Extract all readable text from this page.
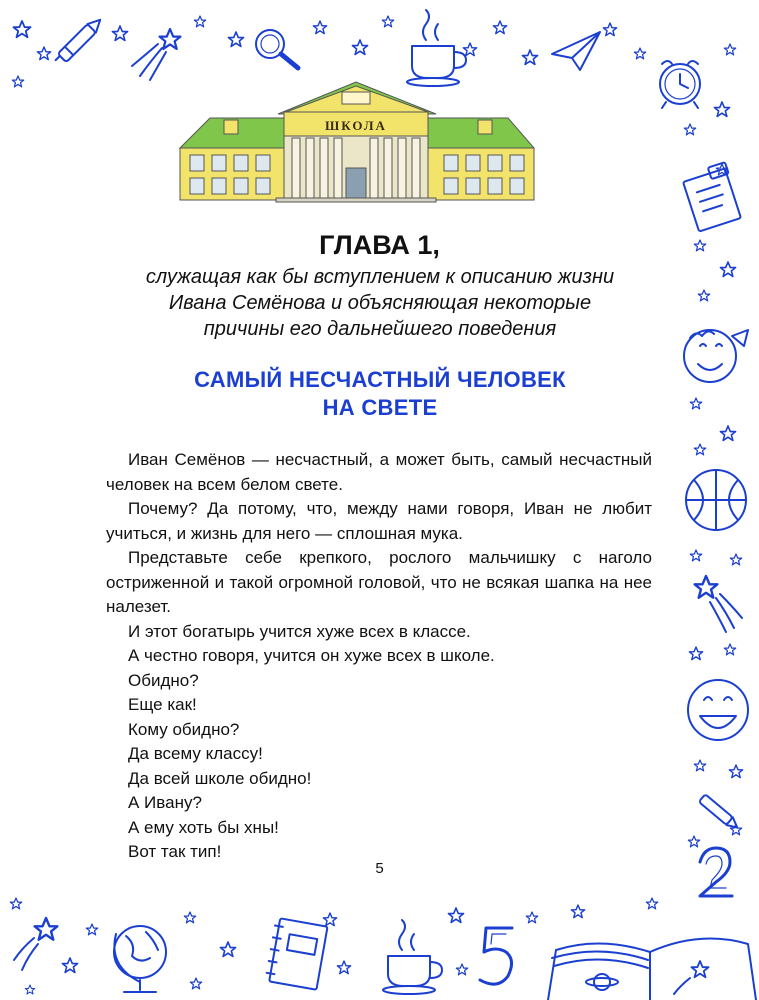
ШКОЛА
ГЛАВА 1,
служащая как бы вступлением к описанию жизни
Ивана Семёнова и объясняющая некоторые
причины его дальнейшего поведения
САМЫЙ НЕСЧАСТНЫЙ ЧЕЛОВЕК
НА СВЕТЕ

Иван Семёнов — несчастный, а может быть, самый несчастный человек на всем белом свете.

Почему? Да потому, что, между нами говоря, Иван не любит учиться, и жизнь для него — сплошная мука.

Представьте себе крепкого, рослого мальчишку с наголо остриженной и такой огромной головой, что не всякая шапка на нее налезет.

И этот богатырь учится хуже всех в классе.

А честно говоря, учится он хуже всех в школе.

Обидно?

Еще как!

Кому обидно?

Да всему классу!

Да всей школе обидно!

А Ивану?

А ему хоть бы хны!

Вот так тип!

5
